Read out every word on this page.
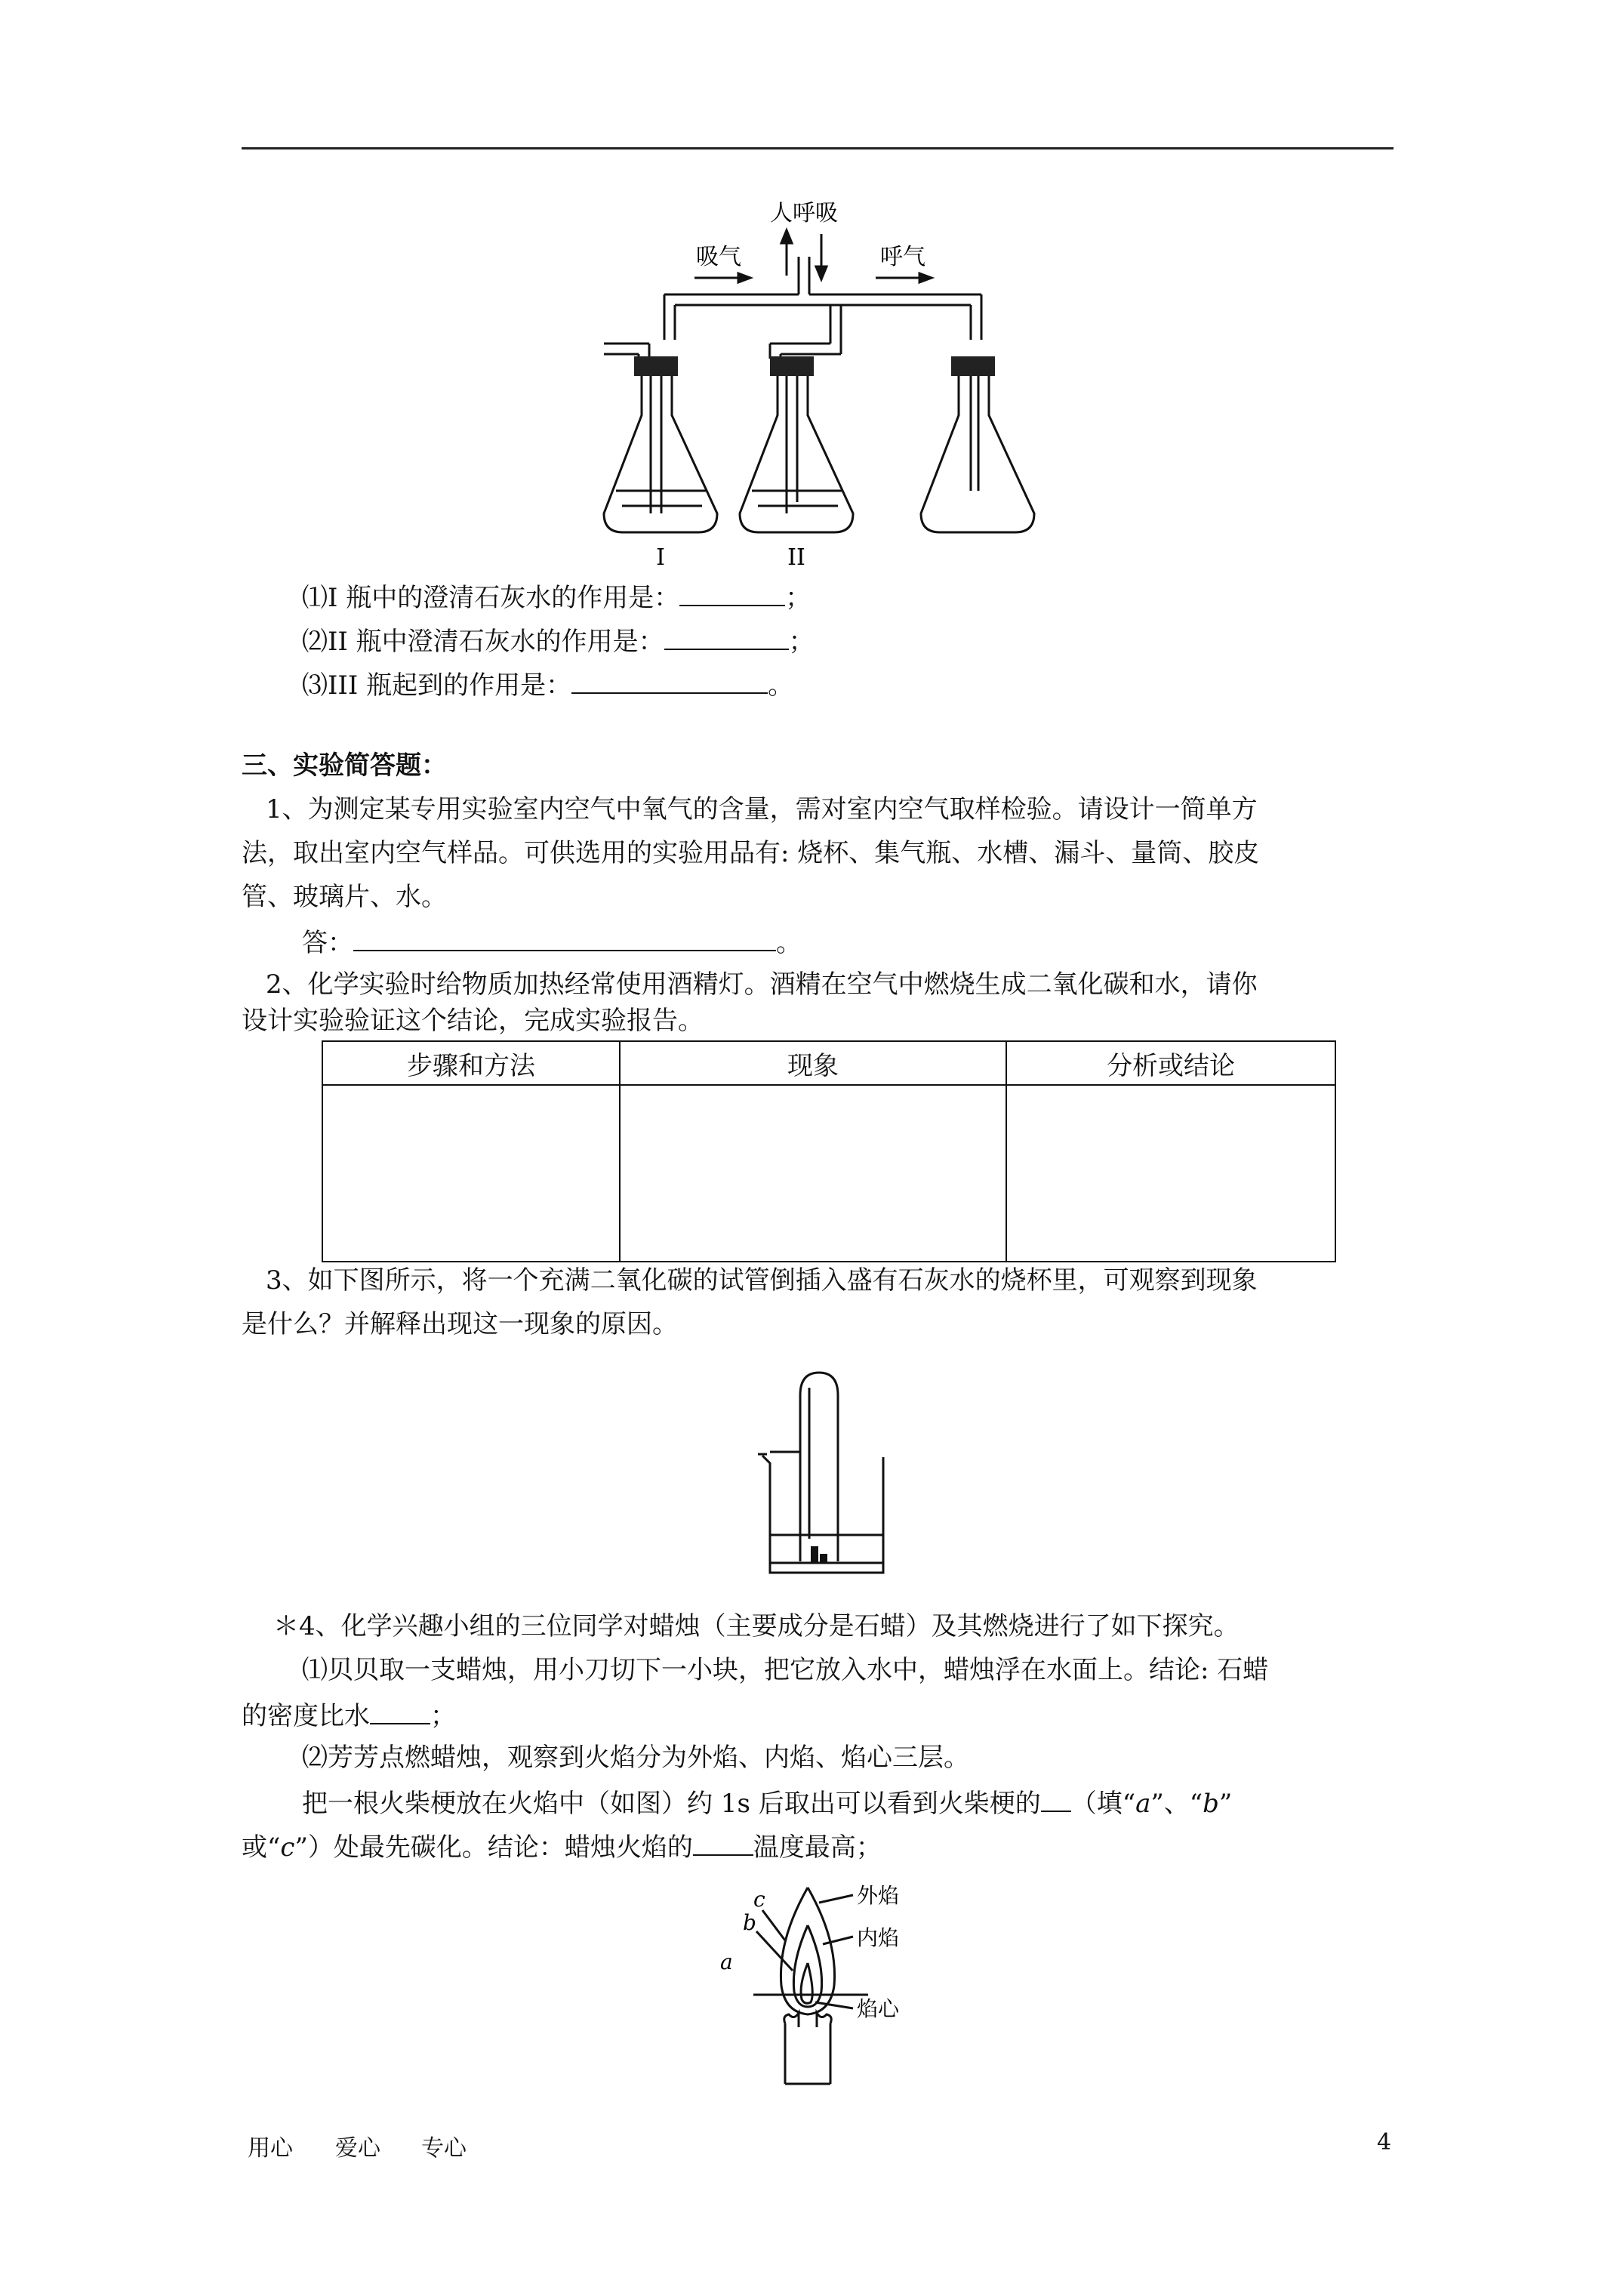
人呼吸
吸气	呼气
I	II
⑴I 瓶中的澄清石灰水的作用是：	；
⑵II 瓶中澄清石灰水的作用是：	；
⑶III 瓶起到的作用是：	。
三、实验简答题：
1、为测定某专用实验室内空气中氧气的含量，需对室内空气取样检验。请设计一简单方
法，取出室内空气样品。可供选用的实验用品有: 烧杯、集气瓶、水槽、漏斗、量筒、胶皮
管、玻璃片、水。
答：	。
2、化学实验时给物质加热经常使用酒精灯。酒精在空气中燃烧生成二氧化碳和水，请你
设计实验验证这个结论，完成实验报告。
步骤和方法	现象	分析或结论

3、如下图所示，将一个充满二氧化碳的试管倒插入盛有石灰水的烧杯里，可观察到现象
是什么？并解释出现这一现象的原因。
＊4、化学兴趣小组的三位同学对蜡烛（主要成分是石蜡）及其燃烧进行了如下探究。
⑴贝贝取一支蜡烛，用小刀切下一小块，把它放入水中，蜡烛浮在水面上。结论: 石蜡
的密度比水 ；
⑵芳芳点燃蜡烛，观察到火焰分为外焰、内焰、焰心三层。
把一根火柴梗放在火焰中（如图）约 1s 后取出可以看到火柴梗的 （填“a”、“b”
或“c”）处最先碳化。结论：蜡烛火焰的 温度最高；
外焰
内焰
焰心
c
b
a
用心 爱心 专心	4
